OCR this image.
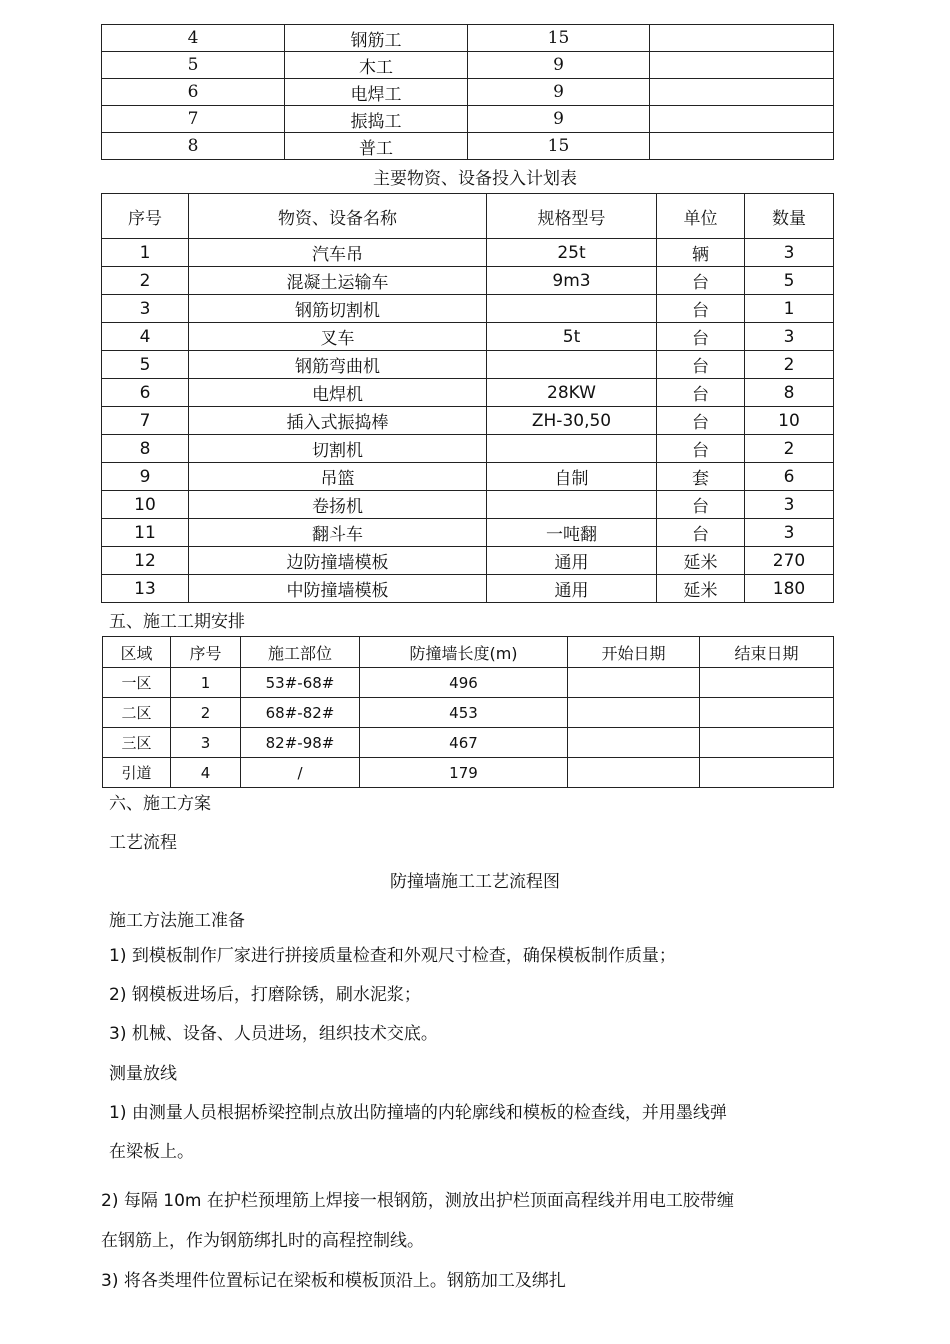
4	钢筋工	15	
5	木工	9	
6	电焊工	9	
7	振捣工	9	
8	普工	15	
主要物资、设备投入计划表
序号	物资、设备名称	规格型号	单位	数量
1	汽车吊	25t	辆	3
2	混凝土运输车	9m3	台	5
3	钢筋切割机		台	1
4	叉车	5t	台	3
5	钢筋弯曲机		台	2
6	电焊机	28KW	台	8
7	插入式振捣棒	ZH-30,50	台	10
8	切割机		台	2
9	吊篮	自制	套	6
10	卷扬机		台	3
11	翻斗车	一吨翻	台	3
12	边防撞墙模板	通用	延米	270
13	中防撞墙模板	通用	延米	180
五、施工工期安排
区域	序号	施工部位	防撞墙长度(m)	开始日期	结束日期
一区	1	53#-68#	496		
二区	2	68#-82#	453		
三区	3	82#-98#	467		
引道	4	/	179		
六、施工方案
工艺流程
防撞墙施工工艺流程图
施工方法施工准备
1) 到模板制作厂家进行拼接质量检查和外观尺寸检查，确保模板制作质量；
2) 钢模板进场后，打磨除锈，刷水泥浆；
3) 机械、设备、人员进场，组织技术交底。
测量放线
1) 由测量人员根据桥梁控制点放出防撞墙的内轮廓线和模板的检查线，并用墨线弹
在梁板上。
2) 每隔 10m 在护栏预埋筋上焊接一根钢筋，测放出护栏顶面高程线并用电工胶带缠
在钢筋上，作为钢筋绑扎时的高程控制线。
3) 将各类埋件位置标记在梁板和模板顶沿上。钢筋加工及绑扎
